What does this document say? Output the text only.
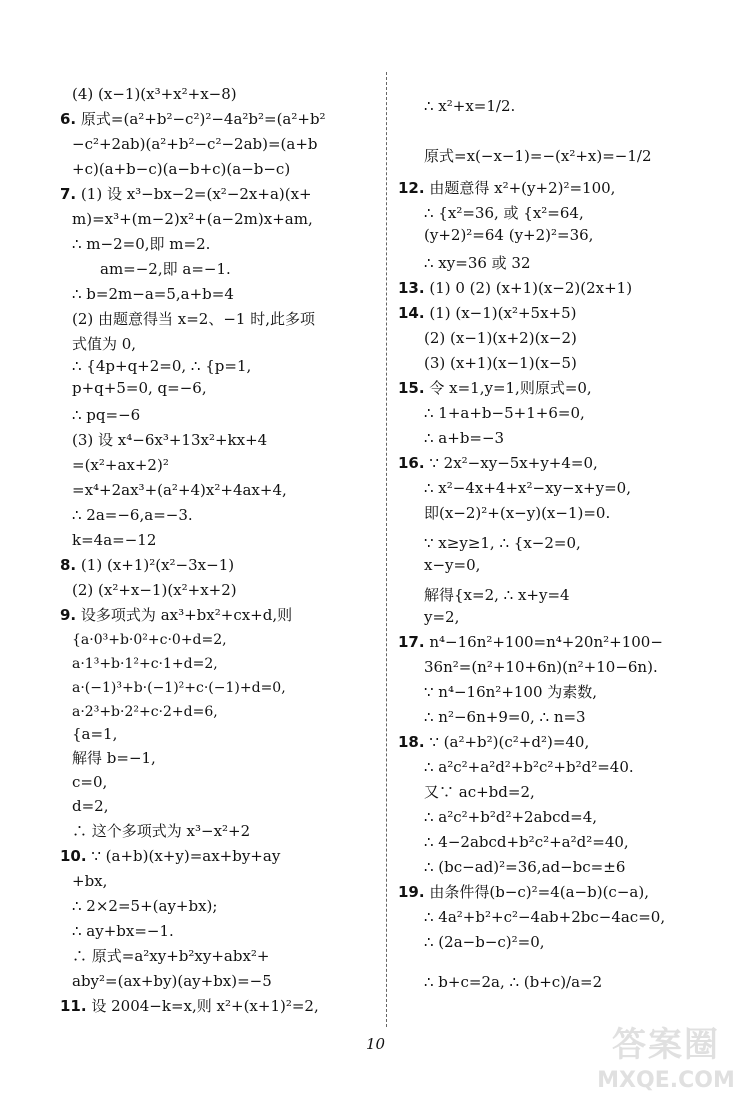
(4) (x−1)(x³+x²+x−8)
6. 原式=(a²+b²−c²)²−4a²b²=(a²+b²
−c²+2ab)(a²+b²−c²−2ab)=(a+b
+c)(a+b−c)(a−b+c)(a−b−c)
7. (1) 设 x³−bx−2=(x²−2x+a)(x+
m)=x³+(m−2)x²+(a−2m)x+am,
∴ m−2=0,即 m=2.
am=−2,即 a=−1.
∴ b=2m−a=5,a+b=4
(2) 由题意得当 x=2、−1 时,此多项
式值为 0,
∴ {4p+q+2=0, ∴ {p=1,
p+q+5=0, q=−6,
∴ pq=−6
(3) 设 x⁴−6x³+13x²+kx+4
=(x²+ax+2)²
=x⁴+2ax³+(a²+4)x²+4ax+4,
∴ 2a=−6,a=−3.
k=4a=−12
8. (1) (x+1)²(x²−3x−1)
(2) (x²+x−1)(x²+x+2)
9. 设多项式为 ax³+bx²+cx+d,则
{a·0³+b·0²+c·0+d=2,
a·1³+b·1²+c·1+d=2,
a·(−1)³+b·(−1)²+c·(−1)+d=0,
a·2³+b·2²+c·2+d=6,
{a=1,
解得 b=−1,
c=0,
d=2,
∴ 这个多项式为 x³−x²+2
10. ∵ (a+b)(x+y)=ax+by+ay
+bx,
∴ 2×2=5+(ay+bx);
∴ ay+bx=−1.
∴ 原式=a²xy+b²xy+abx²+
aby²=(ax+by)(ay+bx)=−5
11. 设 2004−k=x,则 x²+(x+1)²=2,
∴ x²+x=1/2.
原式=x(−x−1)=−(x²+x)=−1/2
12. 由题意得 x²+(y+2)²=100,
∴ {x²=36, 或 {x²=64,
(y+2)²=64 (y+2)²=36,
∴ xy=36 或 32
13. (1) 0 (2) (x+1)(x−2)(2x+1)
14. (1) (x−1)(x²+5x+5)
(2) (x−1)(x+2)(x−2)
(3) (x+1)(x−1)(x−5)
15. 令 x=1,y=1,则原式=0,
∴ 1+a+b−5+1+6=0,
∴ a+b=−3
16. ∵ 2x²−xy−5x+y+4=0,
∴ x²−4x+4+x²−xy−x+y=0,
即(x−2)²+(x−y)(x−1)=0.
∵ x≥y≥1, ∴ {x−2=0,
x−y=0,
解得{x=2, ∴ x+y=4
y=2,
17. n⁴−16n²+100=n⁴+20n²+100−
36n²=(n²+10+6n)(n²+10−6n).
∵ n⁴−16n²+100 为素数,
∴ n²−6n+9=0, ∴ n=3
18. ∵ (a²+b²)(c²+d²)=40,
∴ a²c²+a²d²+b²c²+b²d²=40.
又∵ ac+bd=2,
∴ a²c²+b²d²+2abcd=4,
∴ 4−2abcd+b²c²+a²d²=40,
∴ (bc−ad)²=36,ad−bc=±6
19. 由条件得(b−c)²=4(a−b)(c−a),
∴ 4a²+b²+c²−4ab+2bc−4ac=0,
∴ (2a−b−c)²=0,
∴ b+c=2a, ∴ (b+c)/a=2
10	答案圈
MXQE.COM
